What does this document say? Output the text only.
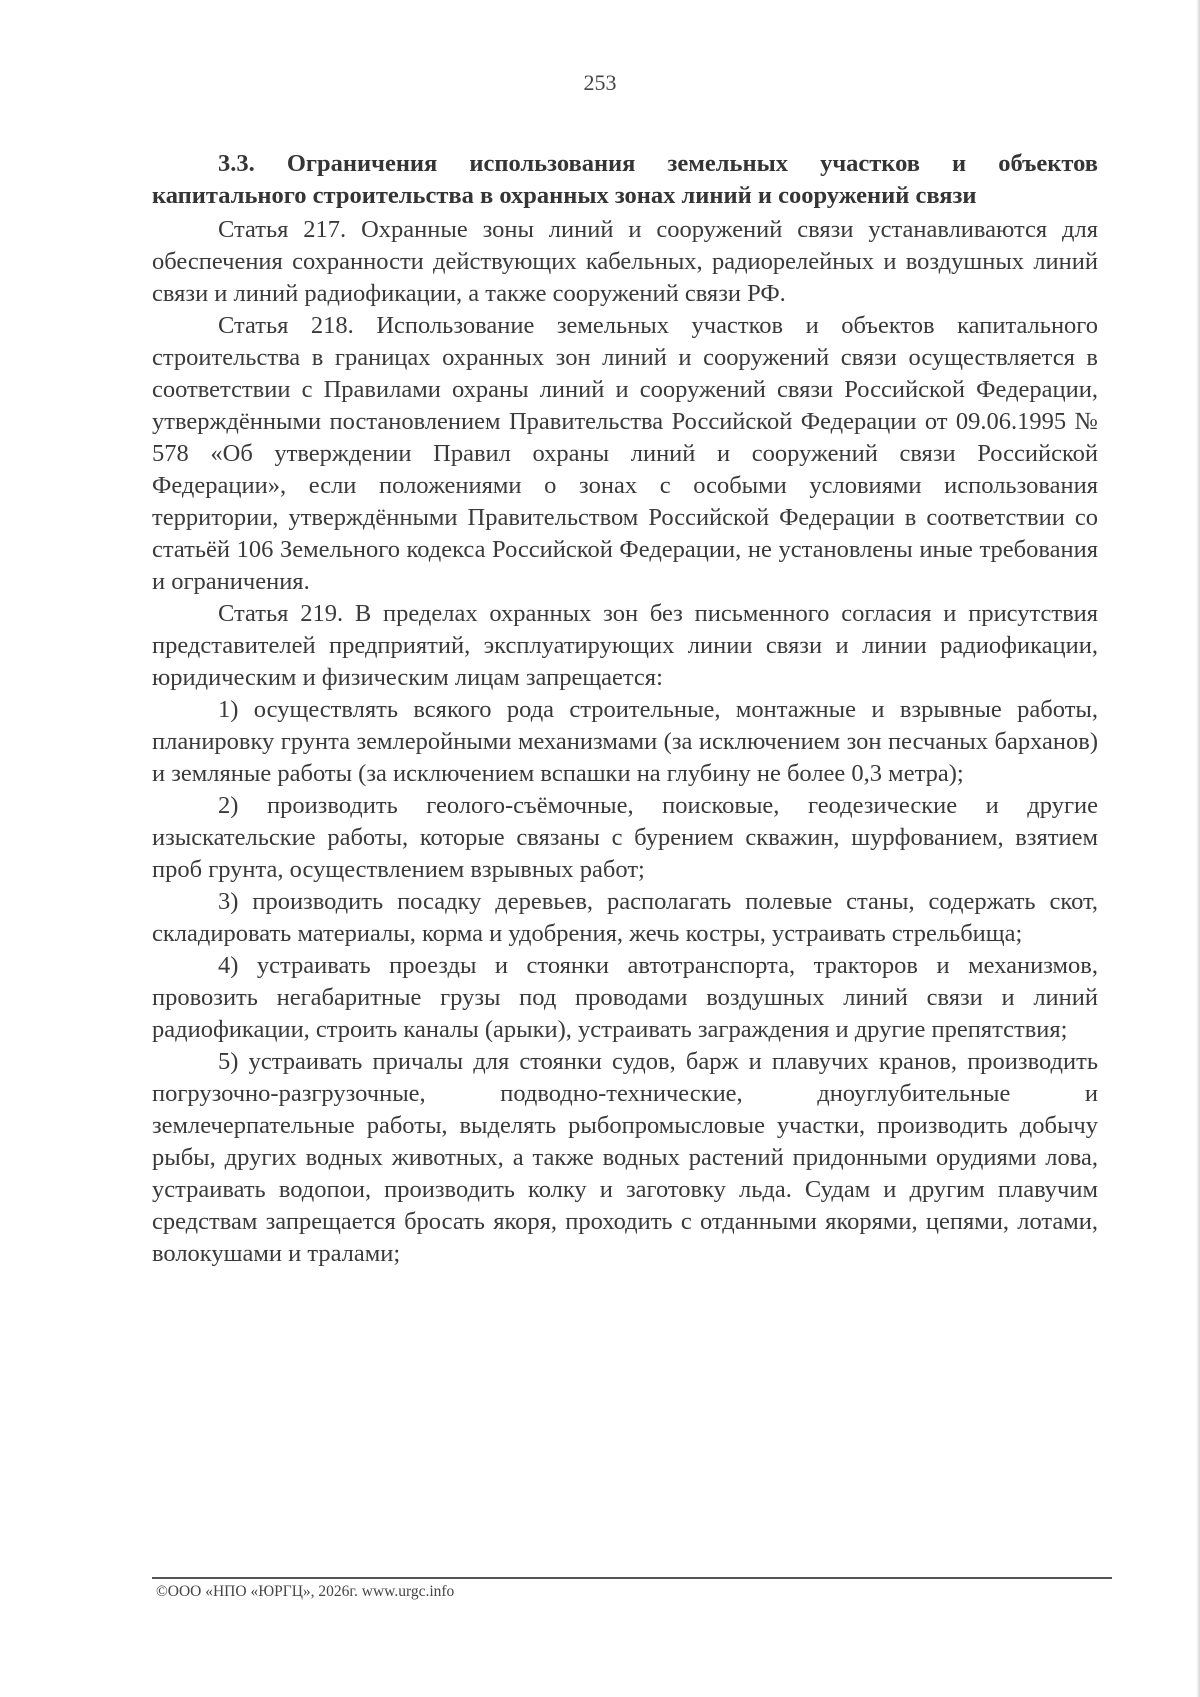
253

3.3. Ограничения использования земельных участков и объектов капитального строительства в охранных зонах линий и сооружений связи

Статья 217. Охранные зоны линий и сооружений связи устанавливаются для обеспечения сохранности действующих кабельных, радиорелейных и воздушных линий связи и линий радиофикации, а также сооружений связи РФ.

Статья 218. Использование земельных участков и объектов капитального строительства в границах охранных зон линий и сооружений связи осуществляется в соответствии с Правилами охраны линий и сооружений связи Российской Федерации, утверждёнными постановлением Правительства Российской Федерации от 09.06.1995 № 578 «Об утверждении Правил охраны линий и сооружений связи Российской Федерации», если положениями о зонах с особыми условиями использования территории, утверждёнными Правительством Российской Федерации в соответствии со статьёй 106 Земельного кодекса Российской Федерации, не установлены иные требования и ограничения.

Статья 219. В пределах охранных зон без письменного согласия и присутствия представителей предприятий, эксплуатирующих линии связи и линии радиофикации, юридическим и физическим лицам запрещается:

1) осуществлять всякого рода строительные, монтажные и взрывные работы, планировку грунта землеройными механизмами (за исключением зон песчаных барханов) и земляные работы (за исключением вспашки на глубину не более 0,3 метра);

2) производить геолого-съёмочные, поисковые, геодезические и другие изыскательские работы, которые связаны с бурением скважин, шурфованием, взятием проб грунта, осуществлением взрывных работ;

3) производить посадку деревьев, располагать полевые станы, содержать скот, складировать материалы, корма и удобрения, жечь костры, устраивать стрельбища;

4) устраивать проезды и стоянки автотранспорта, тракторов и механизмов, провозить негабаритные грузы под проводами воздушных линий связи и линий радиофикации, строить каналы (арыки), устраивать заграждения и другие препятствия;

5) устраивать причалы для стоянки судов, барж и плавучих кранов, производить погрузочно-разгрузочные, подводно-технические, дноуглубительные и землечерпательные работы, выделять рыбопромысловые участки, производить добычу рыбы, других водных животных, а также водных растений придонными орудиями лова, устраивать водопои, производить колку и заготовку льда. Судам и другим плавучим средствам запрещается бросать якоря, проходить с отданными якорями, цепями, лотами, волокушами и тралами;

©ООО «НПО «ЮРГЦ», 2026г. www.urgc.info
